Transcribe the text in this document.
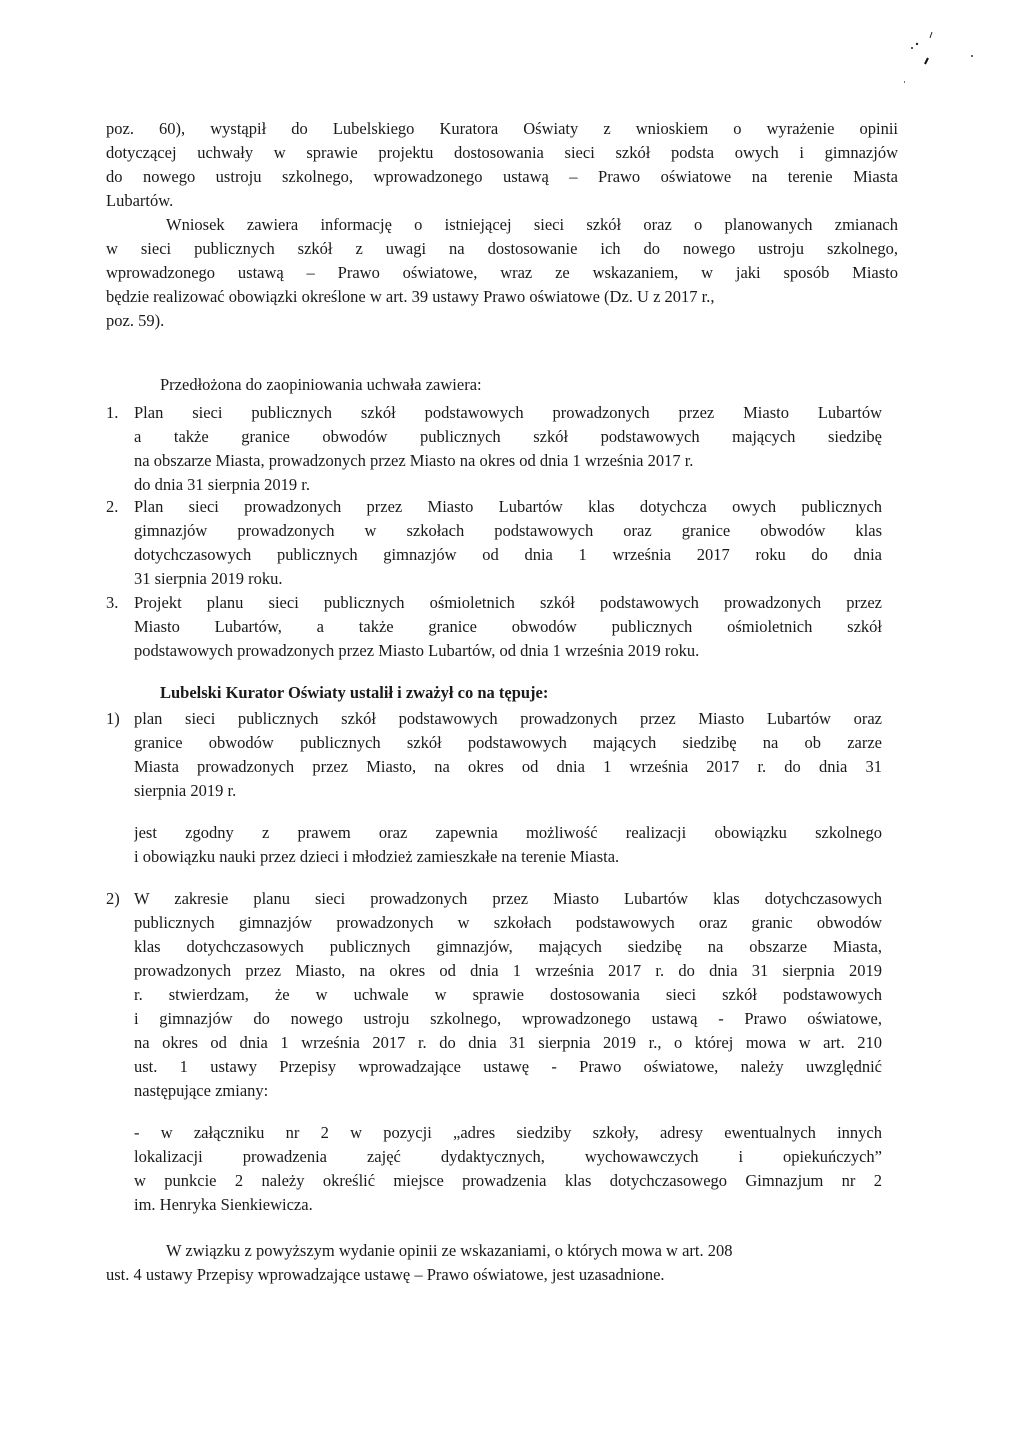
poz. 60), wystąpił do Lubelskiego Kuratora Oświaty z wnioskiem o wyrażenie opinii
dotyczącej uchwały w sprawie projektu dostosowania sieci szkół podsta owych i gimnazjów
do nowego ustroju szkolnego, wprowadzonego ustawą – Prawo oświatowe na terenie Miasta
Lubartów.
Wniosek zawiera informację o istniejącej sieci szkół oraz o planowanych zmianach
w sieci publicznych szkół z uwagi na dostosowanie ich do nowego ustroju szkolnego,
wprowadzonego ustawą – Prawo oświatowe, wraz ze wskazaniem, w jaki sposób Miasto
będzie realizować obowiązki określone w art. 39 ustawy Prawo oświatowe (Dz. U z 2017 r.,
poz. 59).
Przedłożona do zaopiniowania uchwała zawiera:
1. Plan sieci publicznych szkół podstawowych prowadzonych przez Miasto Lubartów
a także granice obwodów publicznych szkół podstawowych mających siedzibę
na obszarze Miasta, prowadzonych przez Miasto na okres od dnia 1 września 2017 r.
do dnia 31 sierpnia 2019 r.
2. Plan sieci prowadzonych przez Miasto Lubartów klas dotychcza owych publicznych
gimnazjów prowadzonych w szkołach podstawowych oraz granice obwodów klas
dotychczasowych publicznych gimnazjów od dnia 1 września 2017 roku do dnia
31 sierpnia 2019 roku.
3. Projekt planu sieci publicznych ośmioletnich szkół podstawowych prowadzonych przez
Miasto Lubartów, a także granice obwodów publicznych ośmioletnich szkół
podstawowych prowadzonych przez Miasto Lubartów, od dnia 1 września 2019 roku.
Lubelski Kurator Oświaty ustalił i zważył co na tępuje:
1) plan sieci publicznych szkół podstawowych prowadzonych przez Miasto Lubartów oraz
granice obwodów publicznych szkół podstawowych mających siedzibę na ob zarze
Miasta prowadzonych przez Miasto, na okres od dnia 1 września 2017 r. do dnia 31
sierpnia 2019 r.
jest zgodny z prawem oraz zapewnia możliwość realizacji obowiązku szkolnego
i obowiązku nauki przez dzieci i młodzież zamieszkałe na terenie Miasta.
2) W zakresie planu sieci prowadzonych przez Miasto Lubartów klas dotychczasowych
publicznych gimnazjów prowadzonych w szkołach podstawowych oraz granic obwodów
klas dotychczasowych publicznych gimnazjów, mających siedzibę na obszarze Miasta,
prowadzonych przez Miasto, na okres od dnia 1 września 2017 r. do dnia 31 sierpnia 2019
r. stwierdzam, że w uchwale w sprawie dostosowania sieci szkół podstawowych
i gimnazjów do nowego ustroju szkolnego, wprowadzonego ustawą - Prawo oświatowe,
na okres od dnia 1 września 2017 r. do dnia 31 sierpnia 2019 r., o której mowa w art. 210
ust. 1 ustawy Przepisy wprowadzające ustawę - Prawo oświatowe, należy uwzględnić
następujące zmiany:
- w załączniku nr 2 w pozycji „adres siedziby szkoły, adresy ewentualnych innych
lokalizacji prowadzenia zajęć dydaktycznych, wychowawczych i opiekuńczych”
w punkcie 2 należy określić miejsce prowadzenia klas dotychczasowego Gimnazjum nr 2
im. Henryka Sienkiewicza.
W związku z powyższym wydanie opinii ze wskazaniami, o których mowa w art. 208
ust. 4 ustawy Przepisy wprowadzające ustawę – Prawo oświatowe, jest uzasadnione.
